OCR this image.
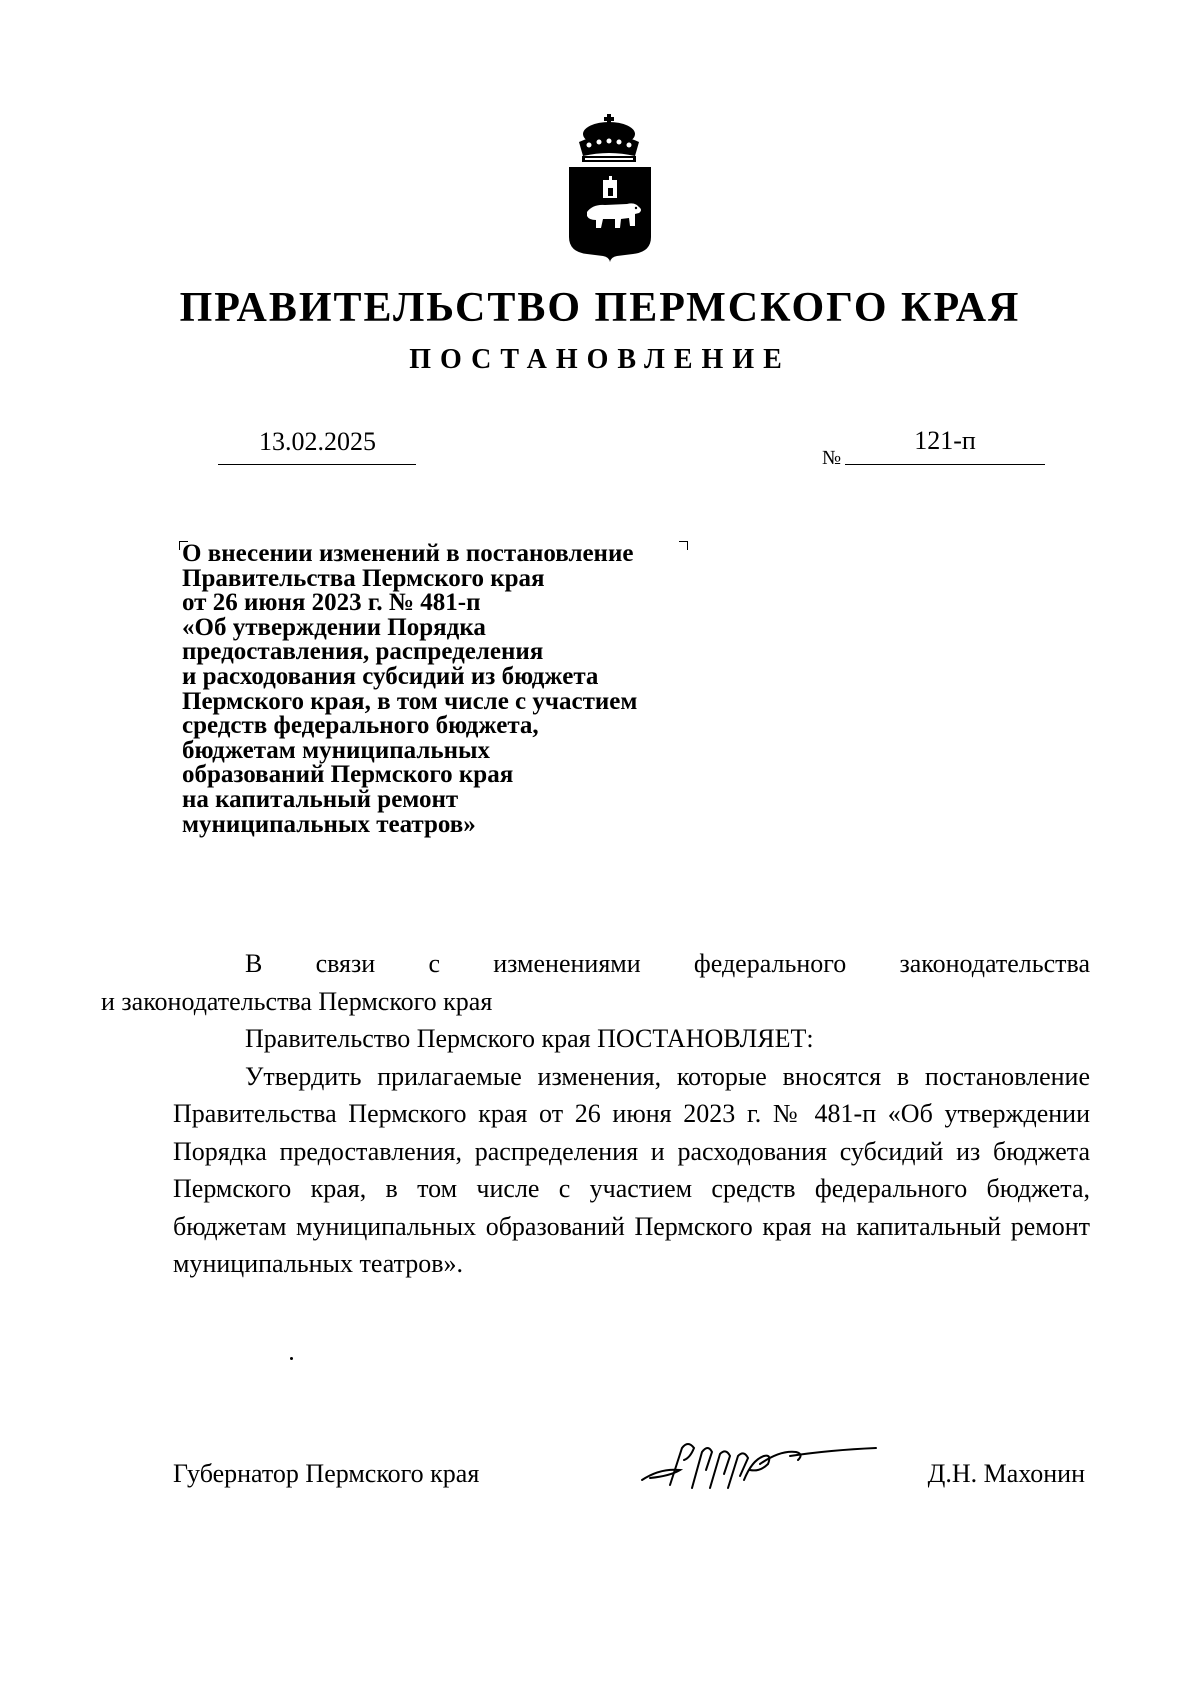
ПРАВИТЕЛЬСТВО ПЕРМСКОГО КРАЯ
ПОСТАНОВЛЕНИЕ
13.02.2025
№
121-п
О внесении изменений в постановление
Правительства Пермского края
от 26 июня 2023 г. № 481-п
«Об утверждении Порядка
предоставления, распределения
и расходования субсидий из бюджета
Пермского края, в том числе с участием
средств федерального бюджета,
бюджетам муниципальных
образований Пермского края
на капитальный ремонт
муниципальных театров»

В связи с изменениями федерального законодательства
и законодательства Пермского края

Правительство Пермского края ПОСТАНОВЛЯЕТ:

Утвердить прилагаемые изменения, которые вносятся в постановление Правительства Пермского края от 26 июня 2023 г. № 481-п «Об утверждении Порядка предоставления, распределения и расходования субсидий из бюджета Пермского края, в том числе с участием средств федерального бюджета, бюджетам муниципальных образований Пермского края на капитальный ремонт муниципальных театров».

Губернатор Пермского края	Д.Н. Махонин
